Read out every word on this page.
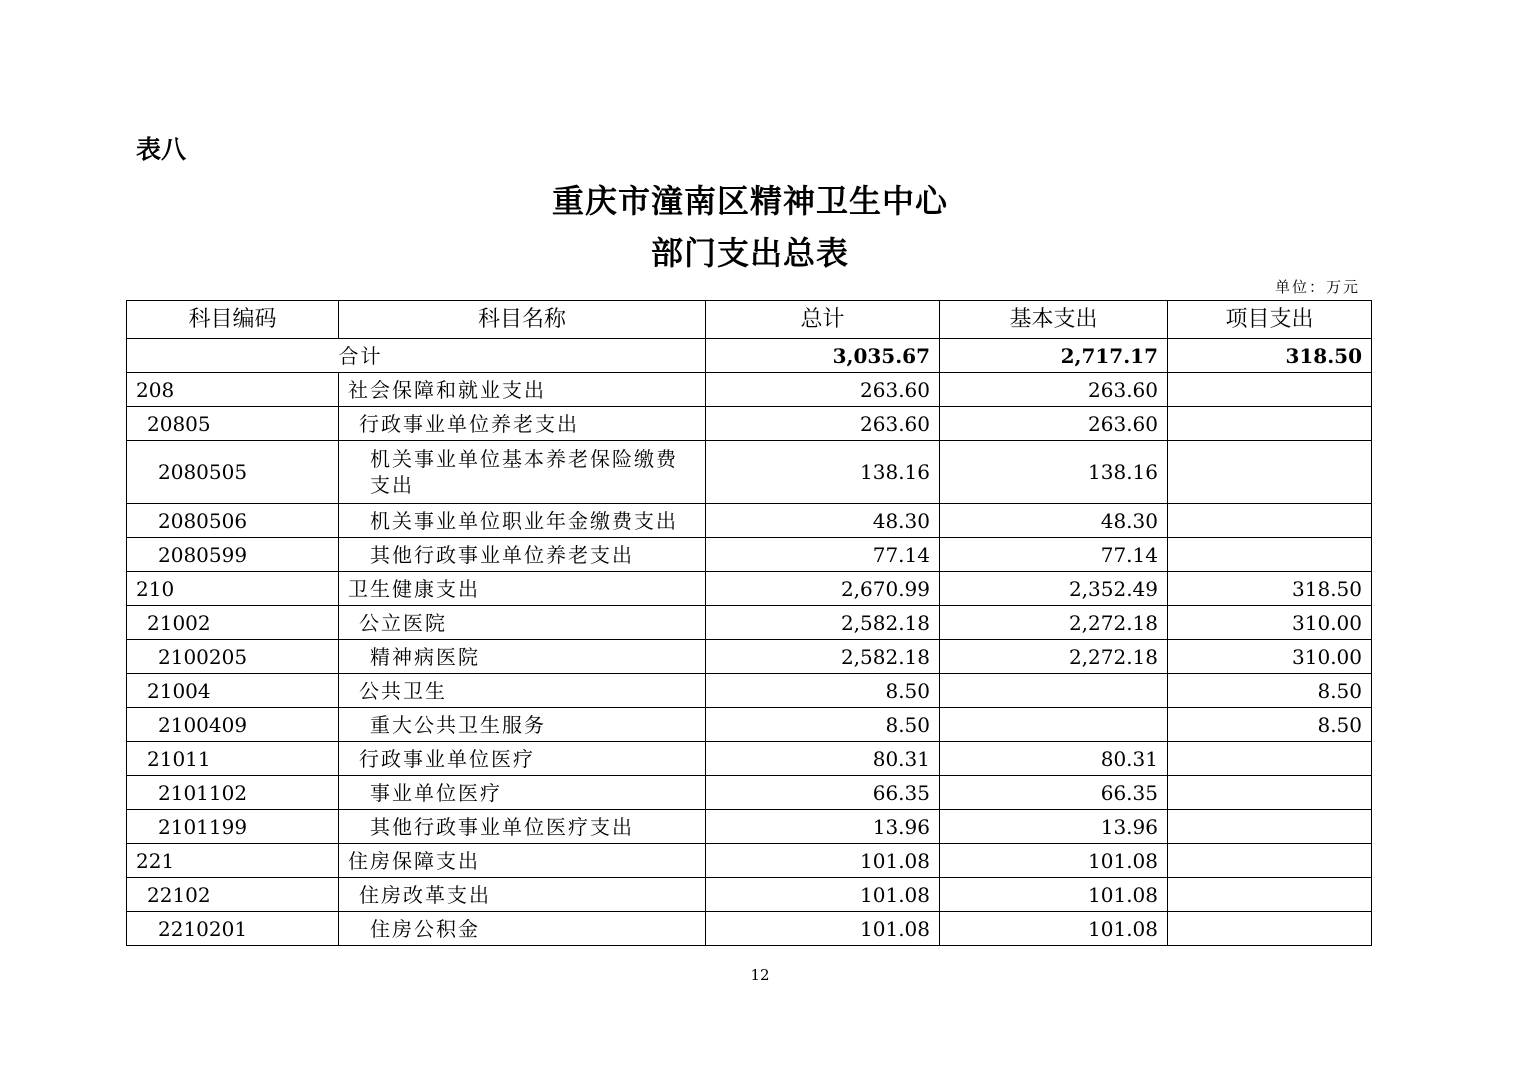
表八
重庆市潼南区精神卫生中心
部门支出总表
单位：万元
科目编码	科目名称	总计	基本支出	项目支出
合计		3,035.67	2,717.17	318.50
208	社会保障和就业支出	263.60	263.60	
20805	行政事业单位养老支出	263.60	263.60	
2080505	机关事业单位基本养老保险缴费支出	138.16	138.16	
2080506	机关事业单位职业年金缴费支出	48.30	48.30	
2080599	其他行政事业单位养老支出	77.14	77.14	
210	卫生健康支出	2,670.99	2,352.49	318.50
21002	公立医院	2,582.18	2,272.18	310.00
2100205	精神病医院	2,582.18	2,272.18	310.00
21004	公共卫生	8.50		8.50
2100409	重大公共卫生服务	8.50		8.50
21011	行政事业单位医疗	80.31	80.31	
2101102	事业单位医疗	66.35	66.35	
2101199	其他行政事业单位医疗支出	13.96	13.96	
221	住房保障支出	101.08	101.08	
22102	住房改革支出	101.08	101.08	
2210201	住房公积金	101.08	101.08	
12
